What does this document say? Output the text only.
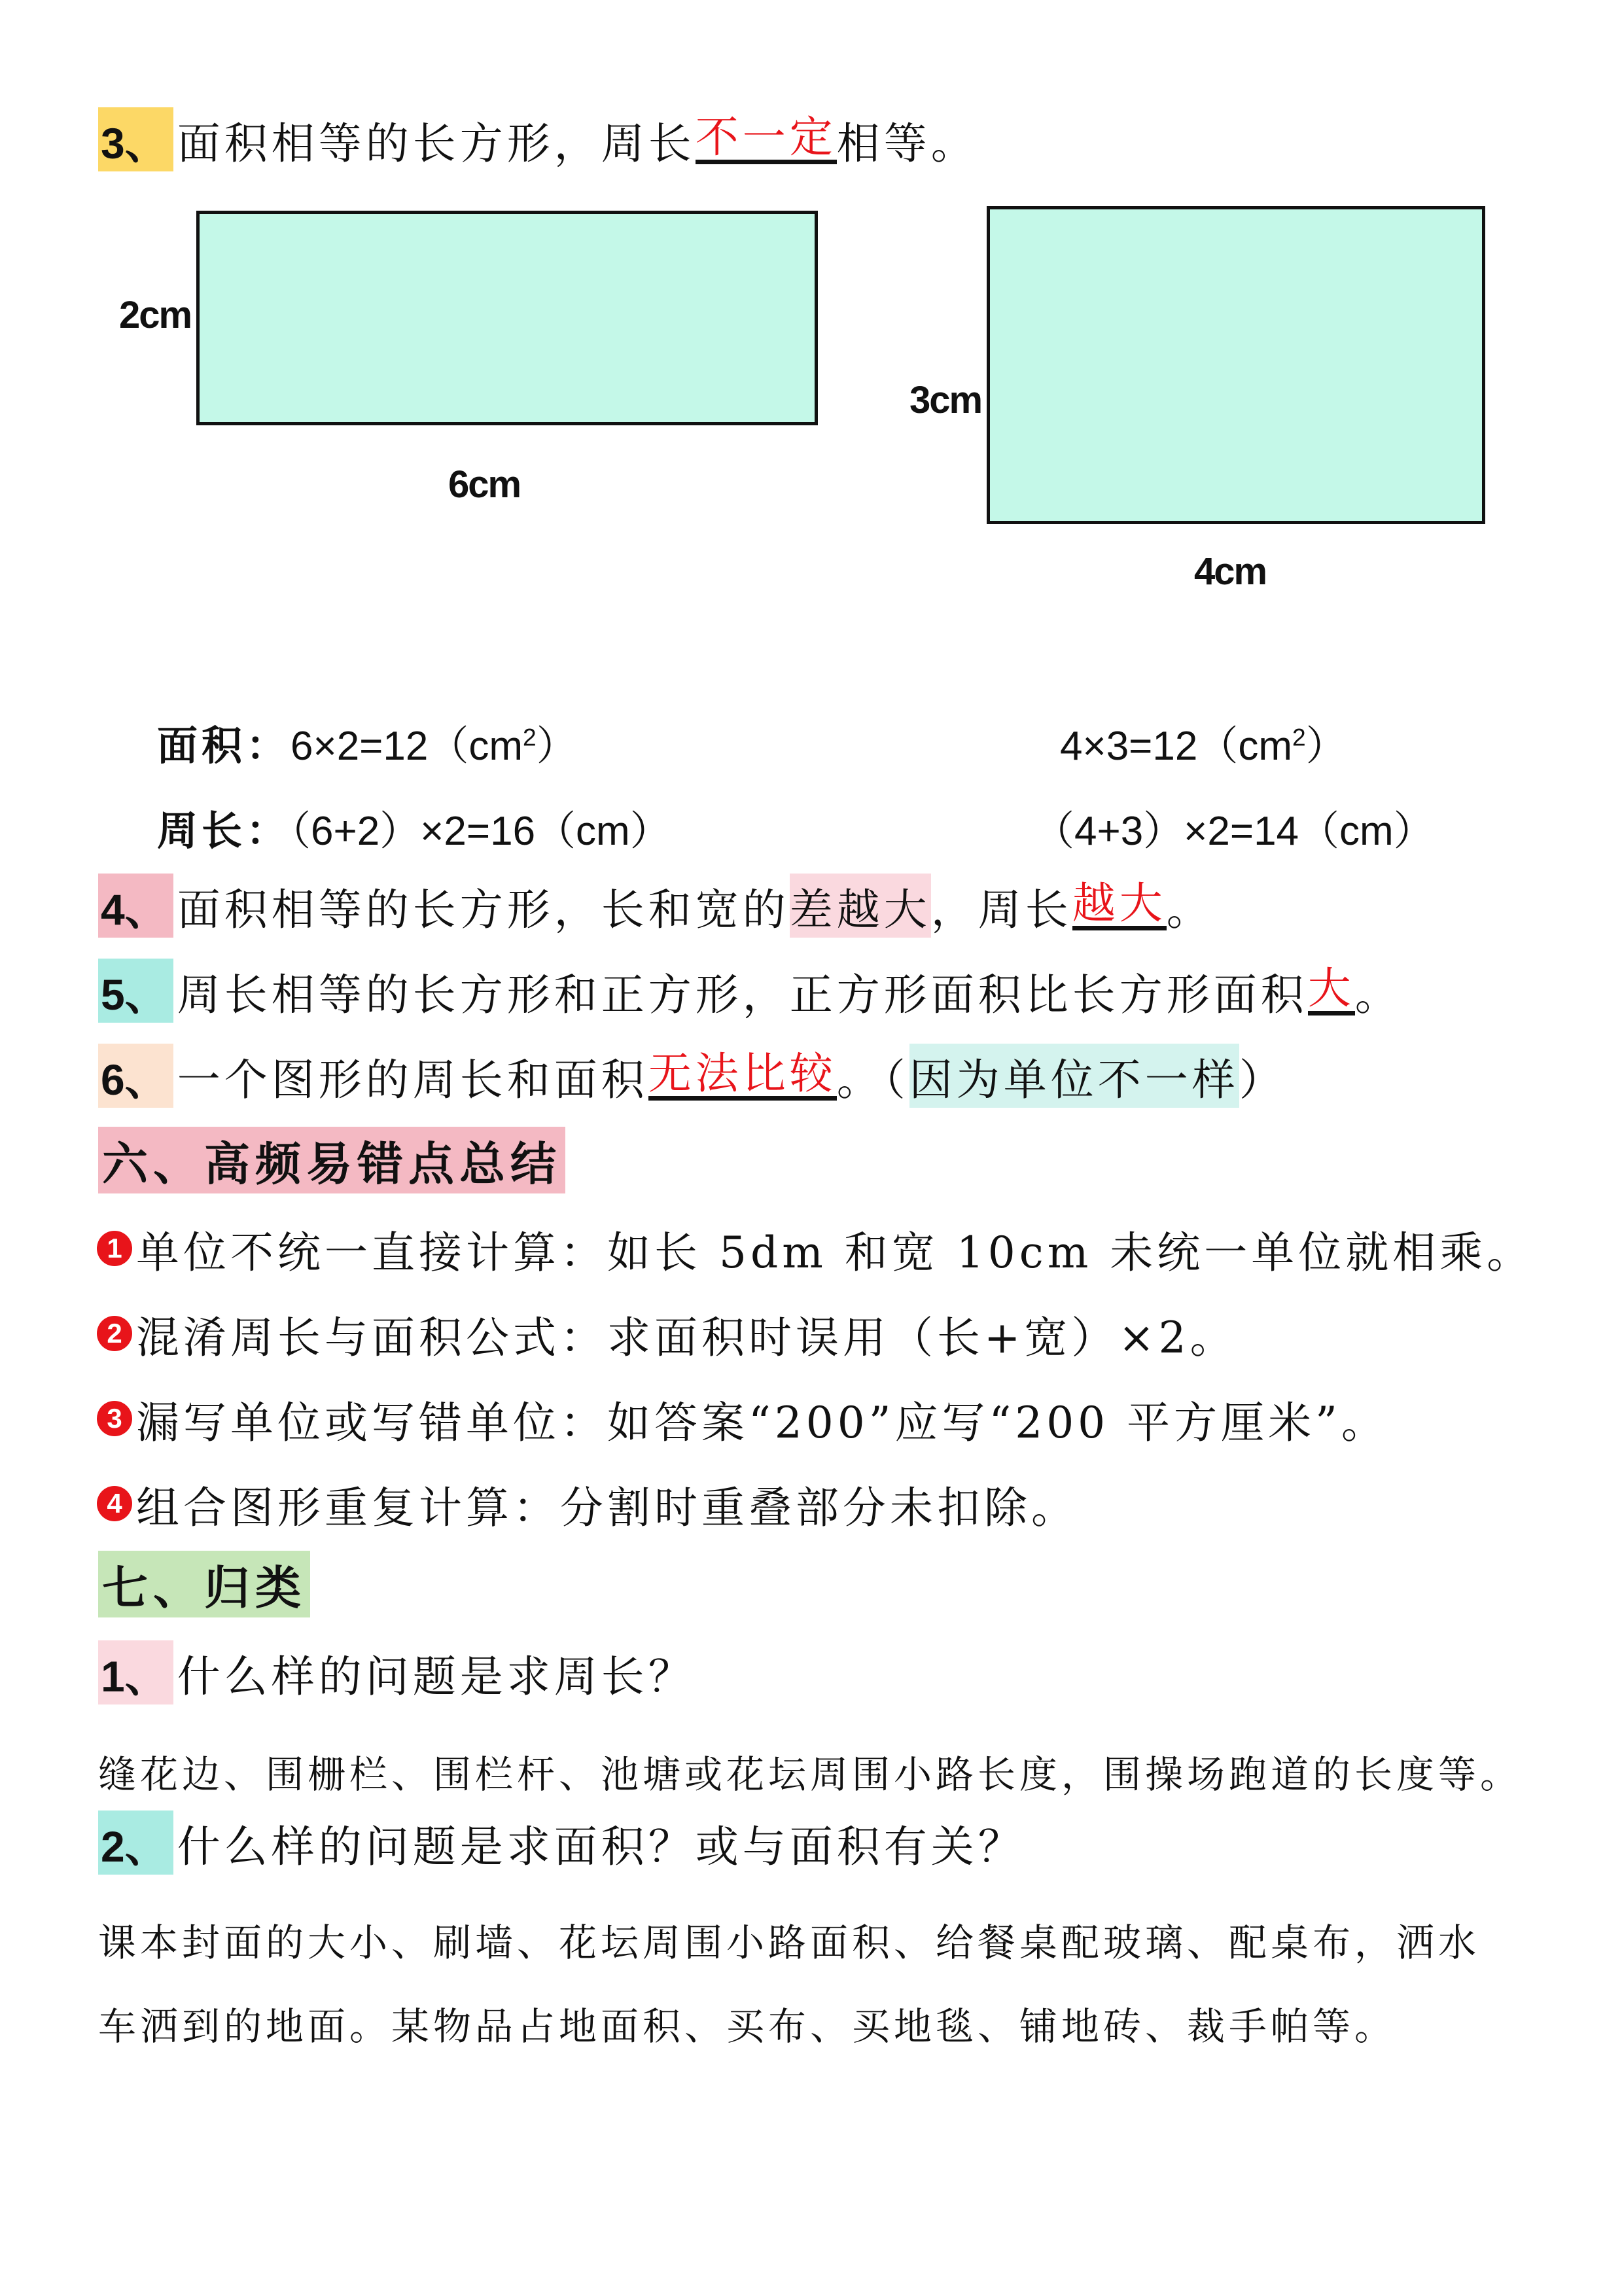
3、 面积相等的长方形，周长 不一定 相等。
2cm
6cm
3cm
4cm
面积：$6\times 2=12(cm^2)$	$4\times 3=12(cm^2)$
周长：（6+2）×2=16（cm）	（4+3）×2=14（cm）
4、 面积相等的长方形，长和宽的 差越大 ，周长 越大 。
5、 周长相等的长方形和正方形，正方形面积比长方形面积 大 。
6、 一个图形的周长和面积 无法比较 。（ 因为单位不一样 ）
六、高频易错点总结
1 单位不统一直接计算：如长 5dm 和宽 10cm 未统一单位就相乘。
2 混淆周长与面积公式：求面积时误用（长+宽）×2。
3 漏写单位或写错单位：如答案“200”应写“200 平方厘米”。
4 组合图形重复计算：分割时重叠部分未扣除。
七、归类
1、 什么样的问题是求周长？
缝花边、围栅栏、围栏杆、池塘或花坛周围小路长度，围操场跑道的长度等。
2、 什么样的问题是求面积？或与面积有关？
课本封面的大小、刷墙、花坛周围小路面积、给餐桌配玻璃、配桌布，洒水
车洒到的地面。某物品占地面积、买布、买地毯、铺地砖、裁手帕等。
